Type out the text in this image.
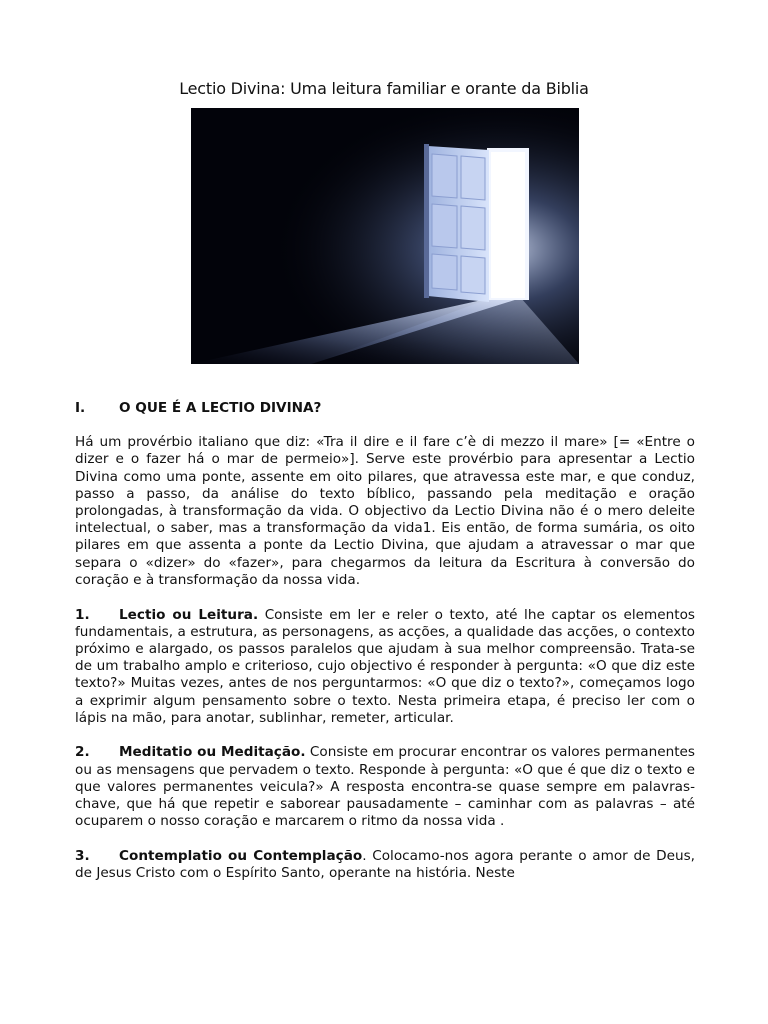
Lectio Divina: Uma leitura familiar e orante da Biblia
I. O QUE É A LECTIO DIVINA?

Há um provérbio italiano que diz: «Tra il dire e il fare c’è di mezzo il mare» [= «Entre o dizer e o fazer há o mar de permeio»]. Serve este provérbio para apresentar a Lectio Divina como uma ponte, assente em oito pilares, que atravessa este mar, e que conduz, passo a passo, da análise do texto bíblico, passando pela meditação e oração prolongadas, à transformação da vida. O objectivo da Lectio Divina não é o mero deleite intelectual, o saber, mas a transformação da vida1. Eis então, de forma sumária, os oito pilares em que assenta a ponte da Lectio Divina, que ajudam a atravessar o mar que separa o «dizer» do «fazer», para chegarmos da leitura da Escritura à conversão do coração e à transformação da nossa vida.

1. Lectio ou Leitura. Consiste em ler e reler o texto, até lhe captar os elementos fundamentais, a estrutura, as personagens, as acções, a qualidade das acções, o contexto próximo e alargado, os passos paralelos que ajudam à sua melhor compreensão. Trata-se de um trabalho amplo e criterioso, cujo objectivo é responder à pergunta: «O que diz este texto?» Muitas vezes, antes de nos perguntarmos: «O que diz o texto?», começamos logo a exprimir algum pensamento sobre o texto. Nesta primeira etapa, é preciso ler com o lápis na mão, para anotar, sublinhar, remeter, articular.

2. Meditatio ou Meditação. Consiste em procurar encontrar os valores permanentes ou as mensagens que pervadem o texto. Responde à pergunta: «O que é que diz o texto e que valores permanentes veicula?» A resposta encontra-se quase sempre em palavras-chave, que há que repetir e saborear pausadamente – caminhar com as palavras – até ocuparem o nosso coração e marcarem o ritmo da nossa vida .

3. Contemplatio ou Contemplação. Colocamo-nos agora perante o amor de Deus, de Jesus Cristo com o Espírito Santo, operante na história. Neste
